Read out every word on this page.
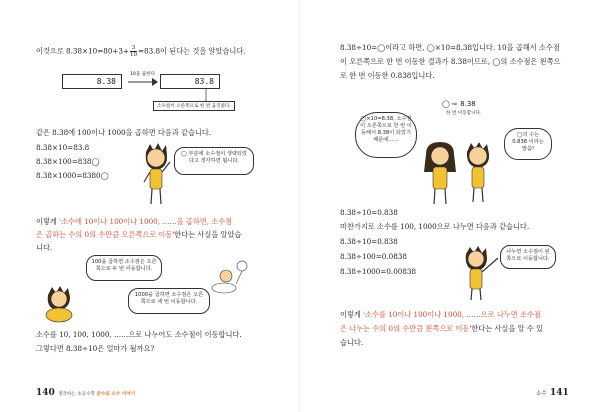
이것으로 $8.38\times 10=80+3+ \frac{3}{10} =83.8$이 된다는 것을 알았습니다.
8.38
10을 곱한다
83.8
소수점이 오른쪽으로 한 번 움직였다.
같은 8.38에 100이나 1000을 곱하면 다음과 같습니다.
8.38×10=83.8
8.38×100=838◯
8.38×1000=8380◯
◯ 부분에 소수점이 생략되었다고 생각하면 됩니다.
이렇게 '소수에 10이나 100이나 1000, ……을 곱하면, 소수점
은 곱하는 수의 0의 수만큼 오른쪽으로 이동'한다는 사실을 알았습
니다.
100을 곱하면 소수점은 오른쪽으로 두 번 이동합니다.
1000을 곱하면 소수점은 오른쪽으로 세 번 이동합니다.
소수를 10, 100, 1000, ……으로 나누어도 소수점이 이동합니다.
그렇다면 8.38÷10은 얼마가 될까요?
140 생각하는 초등수학 분수와 소수 이야기
8.38÷10=◯이라고 하면, ◯×10=8.38입니다. 10을 곱해서 소수점이 오른쪽으로 한 번 이동한 결과가 8.38이므로, ◯의 소수점은 왼쪽으로 한 번 이동한 0.838입니다.
◯ ⇨ 8.38
한 번 이동합니다.
◯×10=8.38, 소수점이 오른쪽으로 한 번 이동해서 8.38이 되었기 때문에……
◯의 수는 0.838 이라는 말씀!
8.38÷10=0.838
마찬가지로 소수를 100, 1000으로 나누면 다음과 같습니다.
8.38÷10=0.838
8.38÷100=0.0838
8.38÷1000=0.00838
나누면 소수점이 왼쪽으로 이동합니다.
이렇게 '소수를 10이나 100이나 1000, ……으로 나누면 소수점
은 나누는 수의 0의 수만큼 왼쪽으로 이동'한다는 사실을 알 수 있
습니다.
소수 141
